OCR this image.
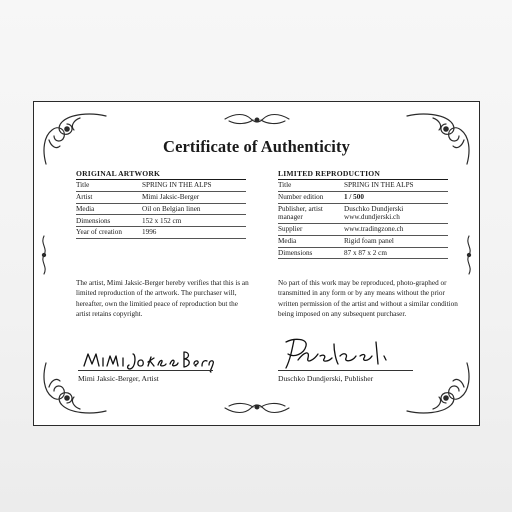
Certificate of Authenticity
ORIGINAL ARTWORK
Title	SPRING IN THE ALPS
Artist	Mimi Jaksic-Berger
Media	Oil on Belgian linen
Dimensions	152 x 152 cm
Year of creation	1996
LIMITED REPRODUCTION
Title	SPRING IN THE ALPS
Number edition	1 / 500
Publisher, artist manager	Duschko Dundjerski www.dundjerski.ch
Supplier	www.tradingzone.ch
Media	Rigid foam panel
Dimensions	87 x 87 x 2 cm
The artist, Mimi Jaksic-Berger hereby verifies that this is an limited reproduction of the artwork. The purchaser will, hereafter, own the limitied peace of reproduction but the artist retains copyright.
No part of this work may be reproduced, photo-graphed or transmitted in any form or by any means without the prior written permission of the artist and without a similar condition being imposed on any subsequent purchaser.
Mimi Jaksic-Berger, Artist	Duschko Dundjerski, Publisher
